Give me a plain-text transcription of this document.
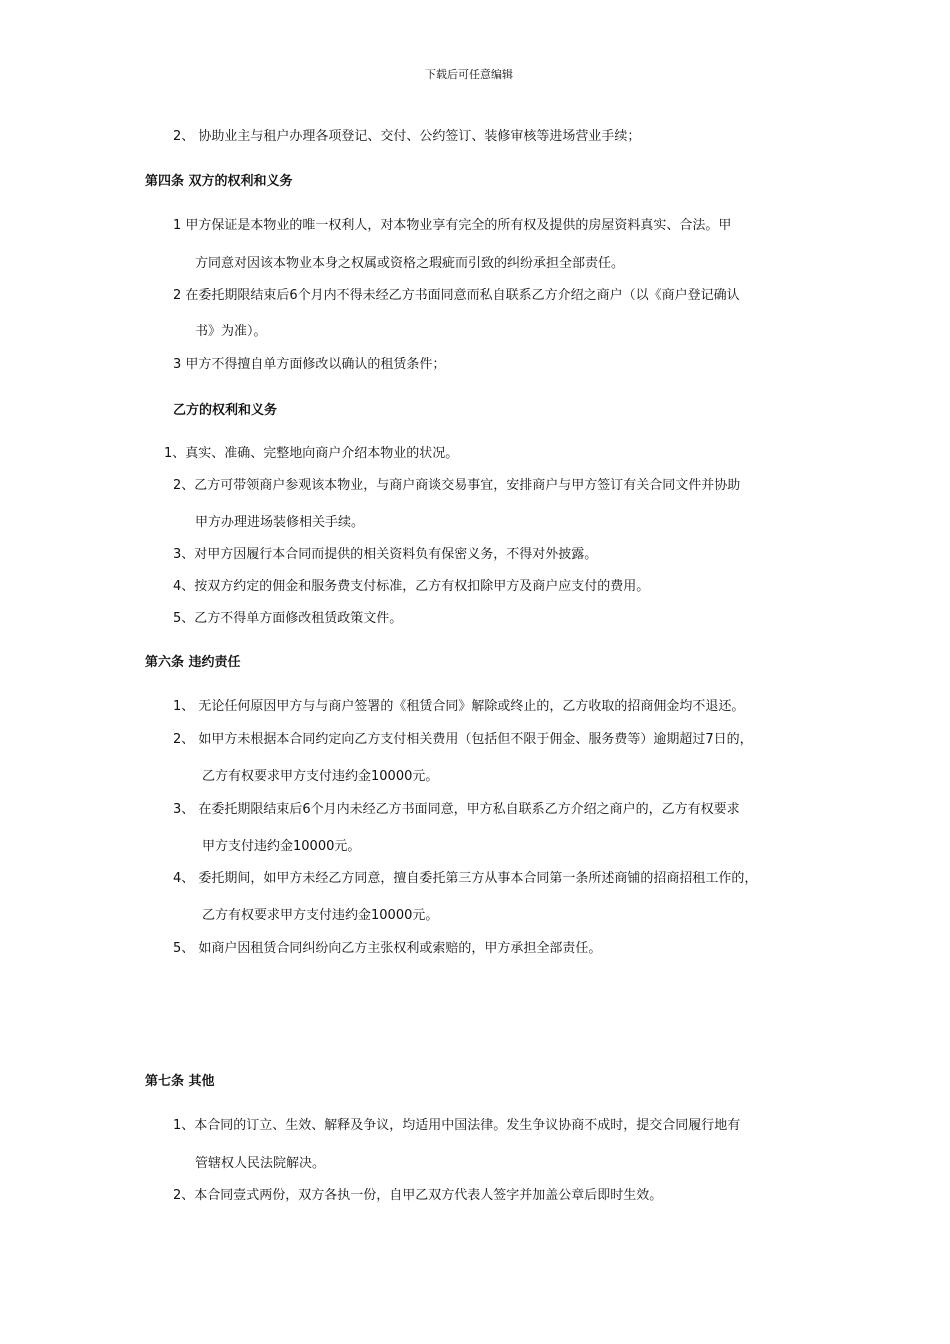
下载后可任意编辑
2、 协助业主与租户办理各项登记、交付、公约签订、装修审核等进场营业手续；
第四条 双方的权利和义务
1 甲方保证是本物业的唯一权利人，对本物业享有完全的所有权及提供的房屋资料真实、合法。甲
方同意对因该本物业本身之权属或资格之瑕疵而引致的纠纷承担全部责任。
2 在委托期限结束后6个月内不得未经乙方书面同意而私自联系乙方介绍之商户（以《商户登记确认
书》为准）。
3 甲方不得擅自单方面修改以确认的租赁条件；
乙方的权利和义务
1、真实、准确、完整地向商户介绍本物业的状况。
2、乙方可带领商户参观该本物业，与商户商谈交易事宜，安排商户与甲方签订有关合同文件并协助
甲方办理进场装修相关手续。
3、对甲方因履行本合同而提供的相关资料负有保密义务，不得对外披露。
4、按双方约定的佣金和服务费支付标准，乙方有权扣除甲方及商户应支付的费用。
5、乙方不得单方面修改租赁政策文件。
第六条 违约责任
1、 无论任何原因甲方与与商户签署的《租赁合同》解除或终止的，乙方收取的招商佣金均不退还。
2、 如甲方未根据本合同约定向乙方支付相关费用（包括但不限于佣金、服务费等）逾期超过7日的，
乙方有权要求甲方支付违约金10000元。
3、 在委托期限结束后6个月内未经乙方书面同意，甲方私自联系乙方介绍之商户的，乙方有权要求
甲方支付违约金10000元。
4、 委托期间，如甲方未经乙方同意，擅自委托第三方从事本合同第一条所述商铺的招商招租工作的，
乙方有权要求甲方支付违约金10000元。
5、 如商户因租赁合同纠纷向乙方主张权利或索赔的，甲方承担全部责任。
第七条 其他
1、本合同的订立、生效、解释及争议，均适用中国法律。发生争议协商不成时，提交合同履行地有
管辖权人民法院解决。
2、本合同壹式两份，双方各执一份，自甲乙双方代表人签字并加盖公章后即时生效。
